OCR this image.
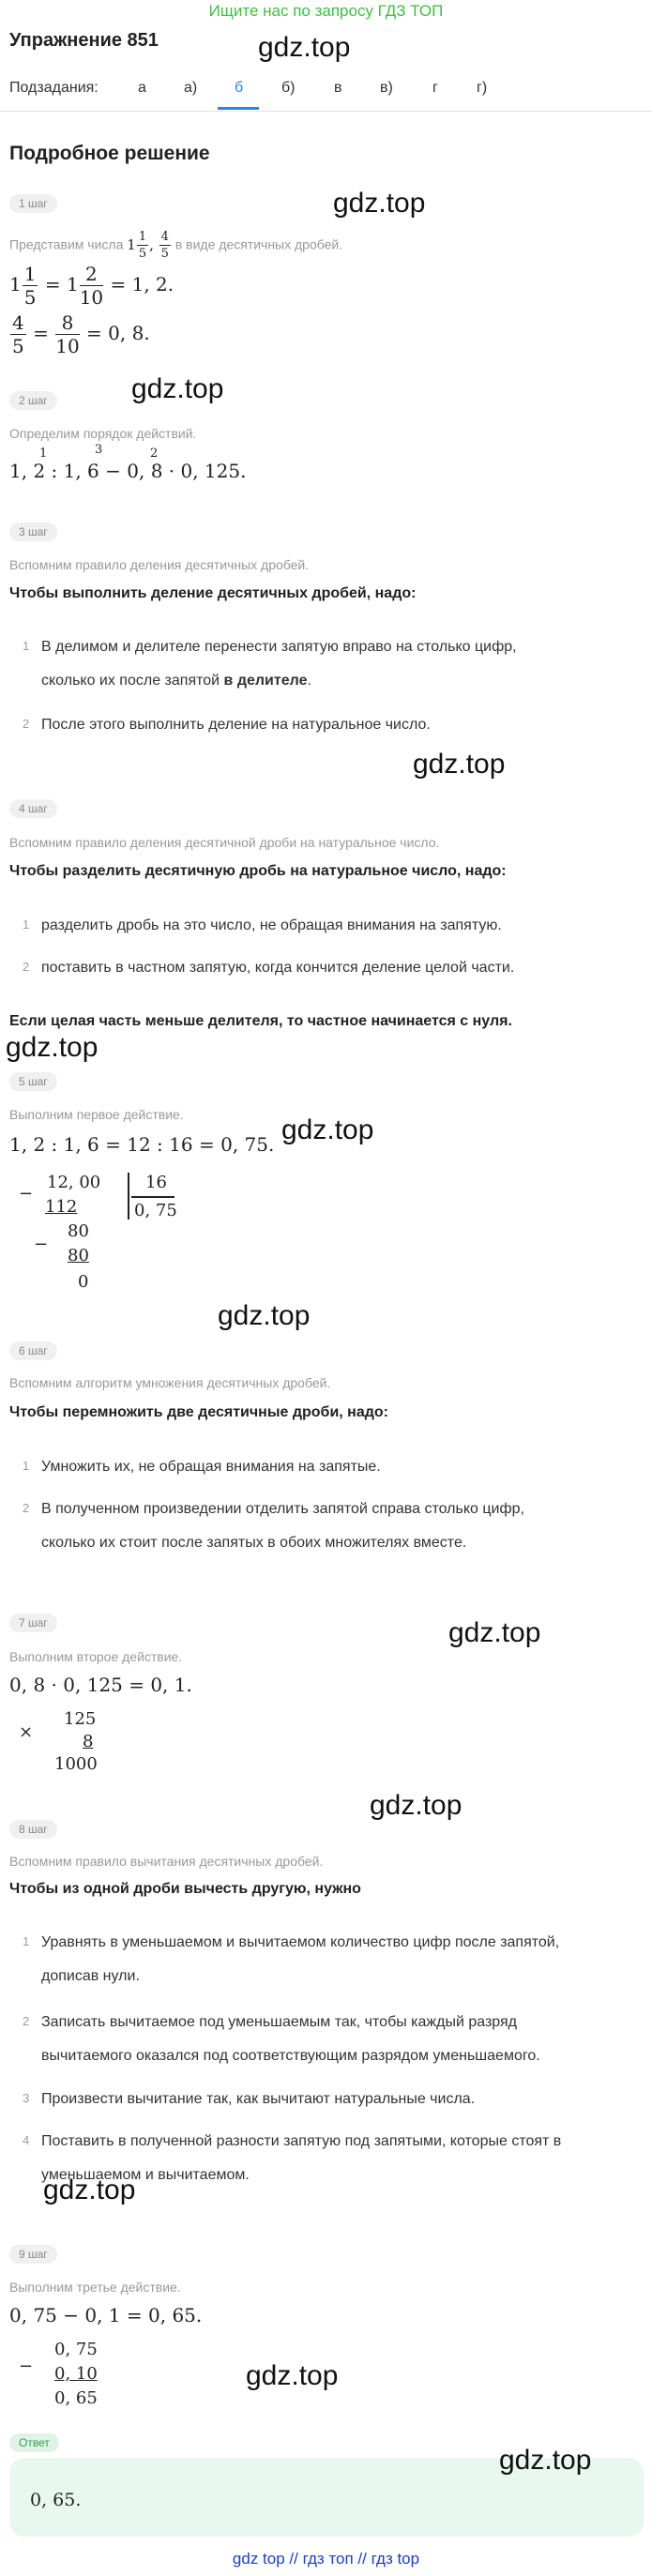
Ищите нас по запросу ГДЗ ТОП
Упражнение 851	gdz.top
Подзадания:	а	а) б	б)	в	в)	г	г)
Подробное решение
1 шаг	gdz.top
Представим числа $1 \frac{1}{5}$ , $\frac{4}{5}$ в виде десятичных дробей.
$1 \frac{1}{5} = 1 \frac{2}{10} = 1$, 2.
$\frac{4}{5} = \frac{8}{10} = 0$, 8.
2 шаг	gdz.top
Определим порядок действий.
1	3	2
1, 2 : 1, 6 − 0, 8 · 0, 125.
3 шаг
Вспомним правило деления десятичных дробей.
Чтобы выполнить деление десятичных дробей, надо:
1 В делимом и делителе перенести запятую вправо на столько цифр,
сколько их после запятой в делителе.
2 После этого выполнить деление на натуральное число.
gdz.top
4 шаг
Вспомним правило деления десятичной дроби на натуральное число.
Чтобы разделить десятичную дробь на натуральное число, надо:
1 разделить дробь на это число, не обращая внимания на запятую.
2 поставить в частном запятую, когда кончится деление целой части.
Если целая часть меньше делителя, то частное начинается с нуля.
gdz.top
5 шаг
Выполним первое действие.	gdz.top
1, 2 : 1, 6 = 12 : 16 = 0, 75.
−
12, 00	16
0, 75
112
−
80
80
0
gdz.top
6 шаг
Вспомним алгоритм умножения десятичных дробей.
Чтобы перемножить две десятичные дроби, надо:
1 Умножить их, не обращая внимания на запятые.
2 В полученном произведении отделить запятой справа столько цифр,
сколько их стоит после запятых в обоих множителях вместе.
7 шаг	gdz.top
Выполним второе действие.
0, 8 · 0, 125 = 0, 1.
×
125
8
1000
gdz.top
8 шаг
Вспомним правило вычитания десятичных дробей.
Чтобы из одной дроби вычесть другую, нужно
1 Уравнять в уменьшаемом и вычитаемом количество цифр после запятой,
дописав нули.
2 Записать вычитаемое под уменьшаемым так, чтобы каждый разряд
вычитаемого оказался под соответствующим разрядом уменьшаемого.
3 Произвести вычитание так, как вычитают натуральные числа.
4 Поставить в полученной разности запятую под запятыми, которые стоят в
уменьшаемом и вычитаемом.
gdz.top
9 шаг
Выполним третье действие.
0, 75 − 0, 1 = 0, 65.
−
0, 75
0, 10
0, 65
gdz.top
Ответ
gdz.top
0, 65.
gdz top // гдз топ // гдз top
